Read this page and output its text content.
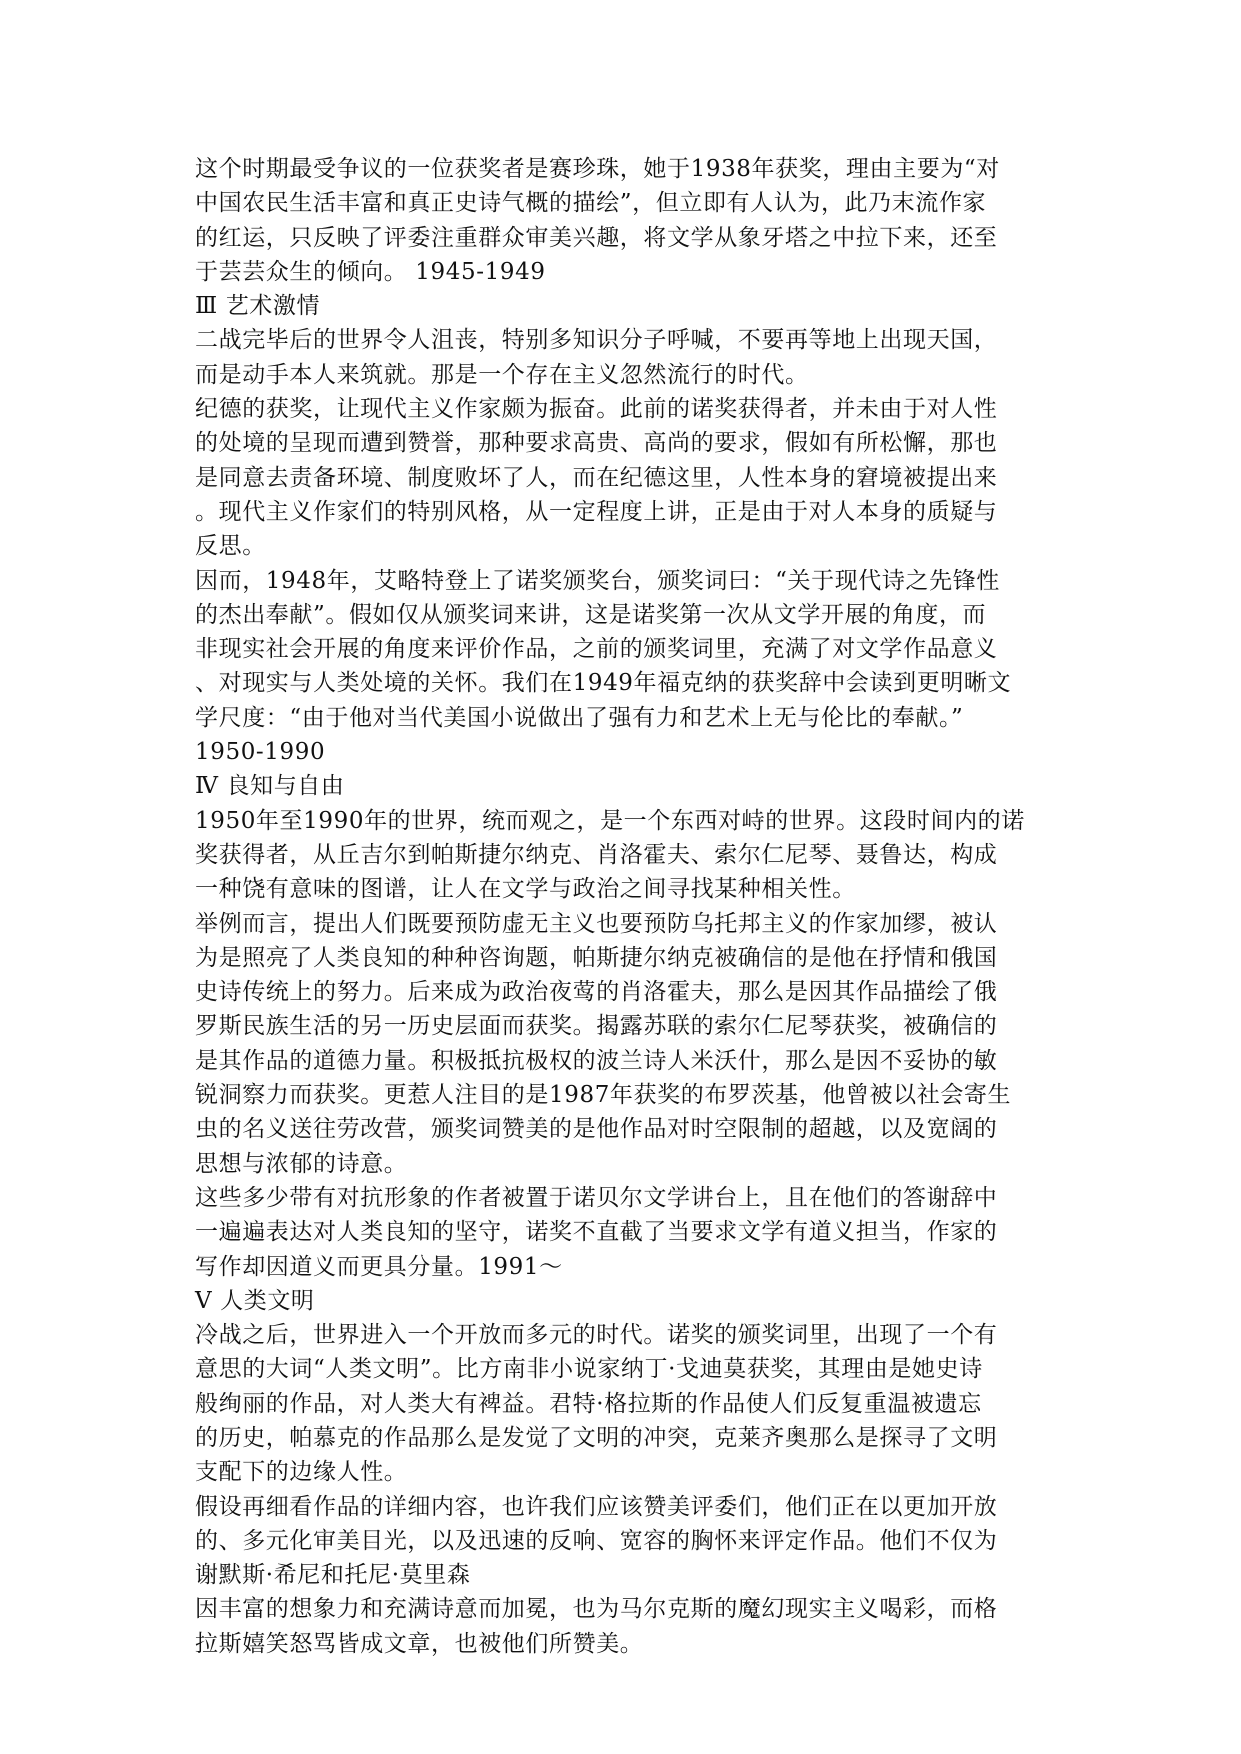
这个时期最受争议的一位获奖者是赛珍珠，她于1938年获奖，理由主要为“对
中国农民生活丰富和真正史诗气概的描绘”，但立即有人认为，此乃末流作家
的红运，只反映了评委注重群众审美兴趣，将文学从象牙塔之中拉下来，还至
于芸芸众生的倾向。 1945-1949
Ⅲ 艺术激情
二战完毕后的世界令人沮丧，特别多知识分子呼喊，不要再等地上出现天国，
而是动手本人来筑就。那是一个存在主义忽然流行的时代。
纪德的获奖，让现代主义作家颇为振奋。此前的诺奖获得者，并未由于对人性
的处境的呈现而遭到赞誉，那种要求高贵、高尚的要求，假如有所松懈，那也
是同意去责备环境、制度败坏了人，而在纪德这里，人性本身的窘境被提出来
。现代主义作家们的特别风格，从一定程度上讲，正是由于对人本身的质疑与
反思。
因而，1948年，艾略特登上了诺奖颁奖台，颁奖词曰：“关于现代诗之先锋性
的杰出奉献”。假如仅从颁奖词来讲，这是诺奖第一次从文学开展的角度，而
非现实社会开展的角度来评价作品，之前的颁奖词里，充满了对文学作品意义
、对现实与人类处境的关怀。我们在1949年福克纳的获奖辞中会读到更明晰文
学尺度：“由于他对当代美国小说做出了强有力和艺术上无与伦比的奉献。”
1950-1990
Ⅳ 良知与自由
1950年至1990年的世界，统而观之，是一个东西对峙的世界。这段时间内的诺
奖获得者，从丘吉尔到帕斯捷尔纳克、肖洛霍夫、索尔仁尼琴、聂鲁达，构成
一种饶有意味的图谱，让人在文学与政治之间寻找某种相关性。
举例而言，提出人们既要预防虚无主义也要预防乌托邦主义的作家加缪，被认
为是照亮了人类良知的种种咨询题，帕斯捷尔纳克被确信的是他在抒情和俄国
史诗传统上的努力。后来成为政治夜莺的肖洛霍夫，那么是因其作品描绘了俄
罗斯民族生活的另一历史层面而获奖。揭露苏联的索尔仁尼琴获奖，被确信的
是其作品的道德力量。积极抵抗极权的波兰诗人米沃什，那么是因不妥协的敏
锐洞察力而获奖。更惹人注目的是1987年获奖的布罗茨基，他曾被以社会寄生
虫的名义送往劳改营，颁奖词赞美的是他作品对时空限制的超越，以及宽阔的
思想与浓郁的诗意。
这些多少带有对抗形象的作者被置于诺贝尔文学讲台上，且在他们的答谢辞中
一遍遍表达对人类良知的坚守，诺奖不直截了当要求文学有道义担当，作家的
写作却因道义而更具分量。1991～
Ⅴ 人类文明
冷战之后，世界进入一个开放而多元的时代。诺奖的颁奖词里，出现了一个有
意思的大词“人类文明”。比方南非小说家纳丁·戈迪莫获奖，其理由是她史诗
般绚丽的作品，对人类大有裨益。君特·格拉斯的作品使人们反复重温被遗忘
的历史，帕慕克的作品那么是发觉了文明的冲突，克莱齐奥那么是探寻了文明
支配下的边缘人性。
假设再细看作品的详细内容，也许我们应该赞美评委们，他们正在以更加开放
的、多元化审美目光，以及迅速的反响、宽容的胸怀来评定作品。他们不仅为
谢默斯·希尼和托尼·莫里森
因丰富的想象力和充满诗意而加冕，也为马尔克斯的魔幻现实主义喝彩，而格
拉斯嬉笑怒骂皆成文章，也被他们所赞美。
